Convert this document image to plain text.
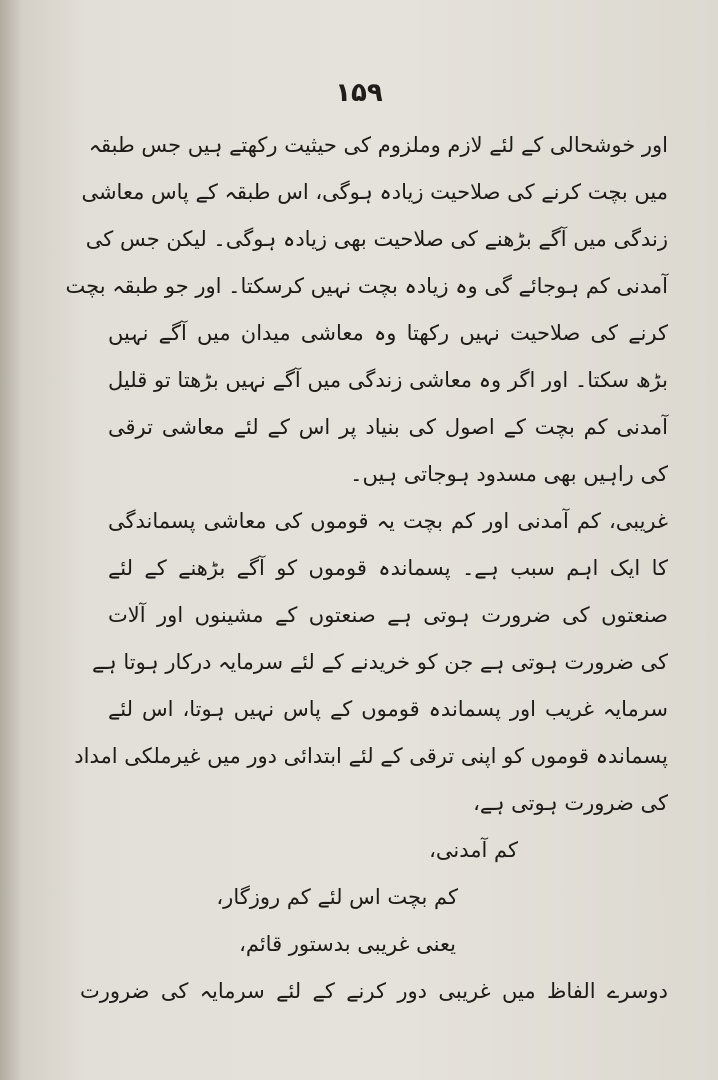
۱۵۹
اور خوشحالی کے لئے لازم وملزوم کی حیثیت رکھتے ہیں جس طبقہ
میں بچت کرنے کی صلاحیت زیادہ ہوگی، اس طبقہ کے پاس معاشی
زندگی میں آگے بڑھنے کی صلاحیت بھی زیادہ ہوگی۔ لیکن جس کی
آمدنی کم ہوجائے گی وہ زیادہ بچت نہیں کرسکتا۔ اور جو طبقہ بچت
کرنے کی صلاحیت نہیں رکھتا وہ معاشی میدان میں آگے نہیں
بڑھ سکتا۔ اور اگر وہ معاشی زندگی میں آگے نہیں بڑھتا تو قلیل
آمدنی کم بچت کے اصول کی بنیاد پر اس کے لئے معاشی ترقی
کی راہیں بھی مسدود ہوجاتی ہیں۔
غریبی، کم آمدنی اور کم بچت یہ قوموں کی معاشی پسماندگی
کا ایک اہم سبب ہے۔ پسماندہ قوموں کو آگے بڑھنے کے لئے
صنعتوں کی ضرورت ہوتی ہے صنعتوں کے مشینوں اور آلات
کی ضرورت ہوتی ہے جن کو خریدنے کے لئے سرمایہ درکار ہوتا ہے
سرمایہ غریب اور پسماندہ قوموں کے پاس نہیں ہوتا، اس لئے
پسماندہ قوموں کو اپنی ترقی کے لئے ابتدائی دور میں غیرملکی امداد
کی ضرورت ہوتی ہے،
کم آمدنی،
کم بچت اس لئے کم روزگار،
یعنی غریبی بدستور قائم،
دوسرے الفاظ میں غریبی دور کرنے کے لئے سرمایہ کی ضرورت
